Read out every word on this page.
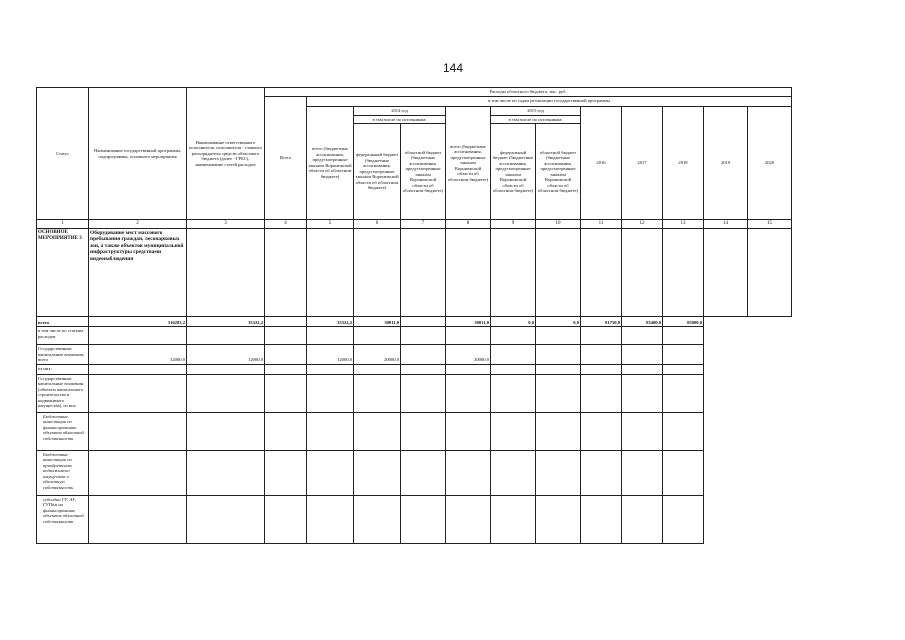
144
Статус	Наименование государственной программы, подпрограммы, основного мероприятия	Наименование ответственного исполнителя, исполнителя - главного распорядителя средств областного бюджета (далее - ГРБС), наименование статей расходов	Расходы областного бюджета, тыс. руб.											
			Всего	в том числе по годам реализации государственной программы										
				всего (бюджетные ассигнования, предусмотренные законом Воронежской области об областном бюджете)	2014 год		всего (бюджетные ассигнования, предусмотренные законом Воронежской области об областном бюджете)	2015 год		2016	2017	2018	2019	2020
					в том числе по источникам:			в том числе по источникам:						
					федеральный бюджет (бюджетные ассигнования, предусмотренные законом Воронежской области об областном бюджете)	областной бюджет (бюджетные ассигнования, предусмотренные законом Воронежской области об областном бюджете)		федеральный бюджет (бюджетные ассигнования, предусмотренные законом Воронежской области об областном бюджете)	областной бюджет (бюджетные ассигнования, предусмотренные законом Воронежской области об областном бюджете)					
1	2	3	4	5	6	7	8	9	10	11	12	13	14	15
ОСНОВНОЕ МЕРОПРИЯТИЕ 3	Оборудование мест массового пребывания граждан, лесопарковых зон, а также объектов муниципальной инфраструктуры средствами видеонаблюдения													
всего	316283,2	35322,2		35322,2	30811,0		30811,0	0,0	0,0	81750,0	83400,0	85000,0		
в том числе по статьям расходов														
Государственные капитальные вложения, всего	32000,0	12000,0		12000,0	20000,0		20000,0							
из них:														
Государственные капитальные вложения (объекты капитального строительства и недвижимого имущества), из них														
Бюджетные инвестиции по финансированию объектов областной собственности														
Бюджетные инвестиции по приобретению недвижимого имущества в областную собственность														
субсидии ГУ, АУ, ГУПам на финансирование объектов областной собственности														
